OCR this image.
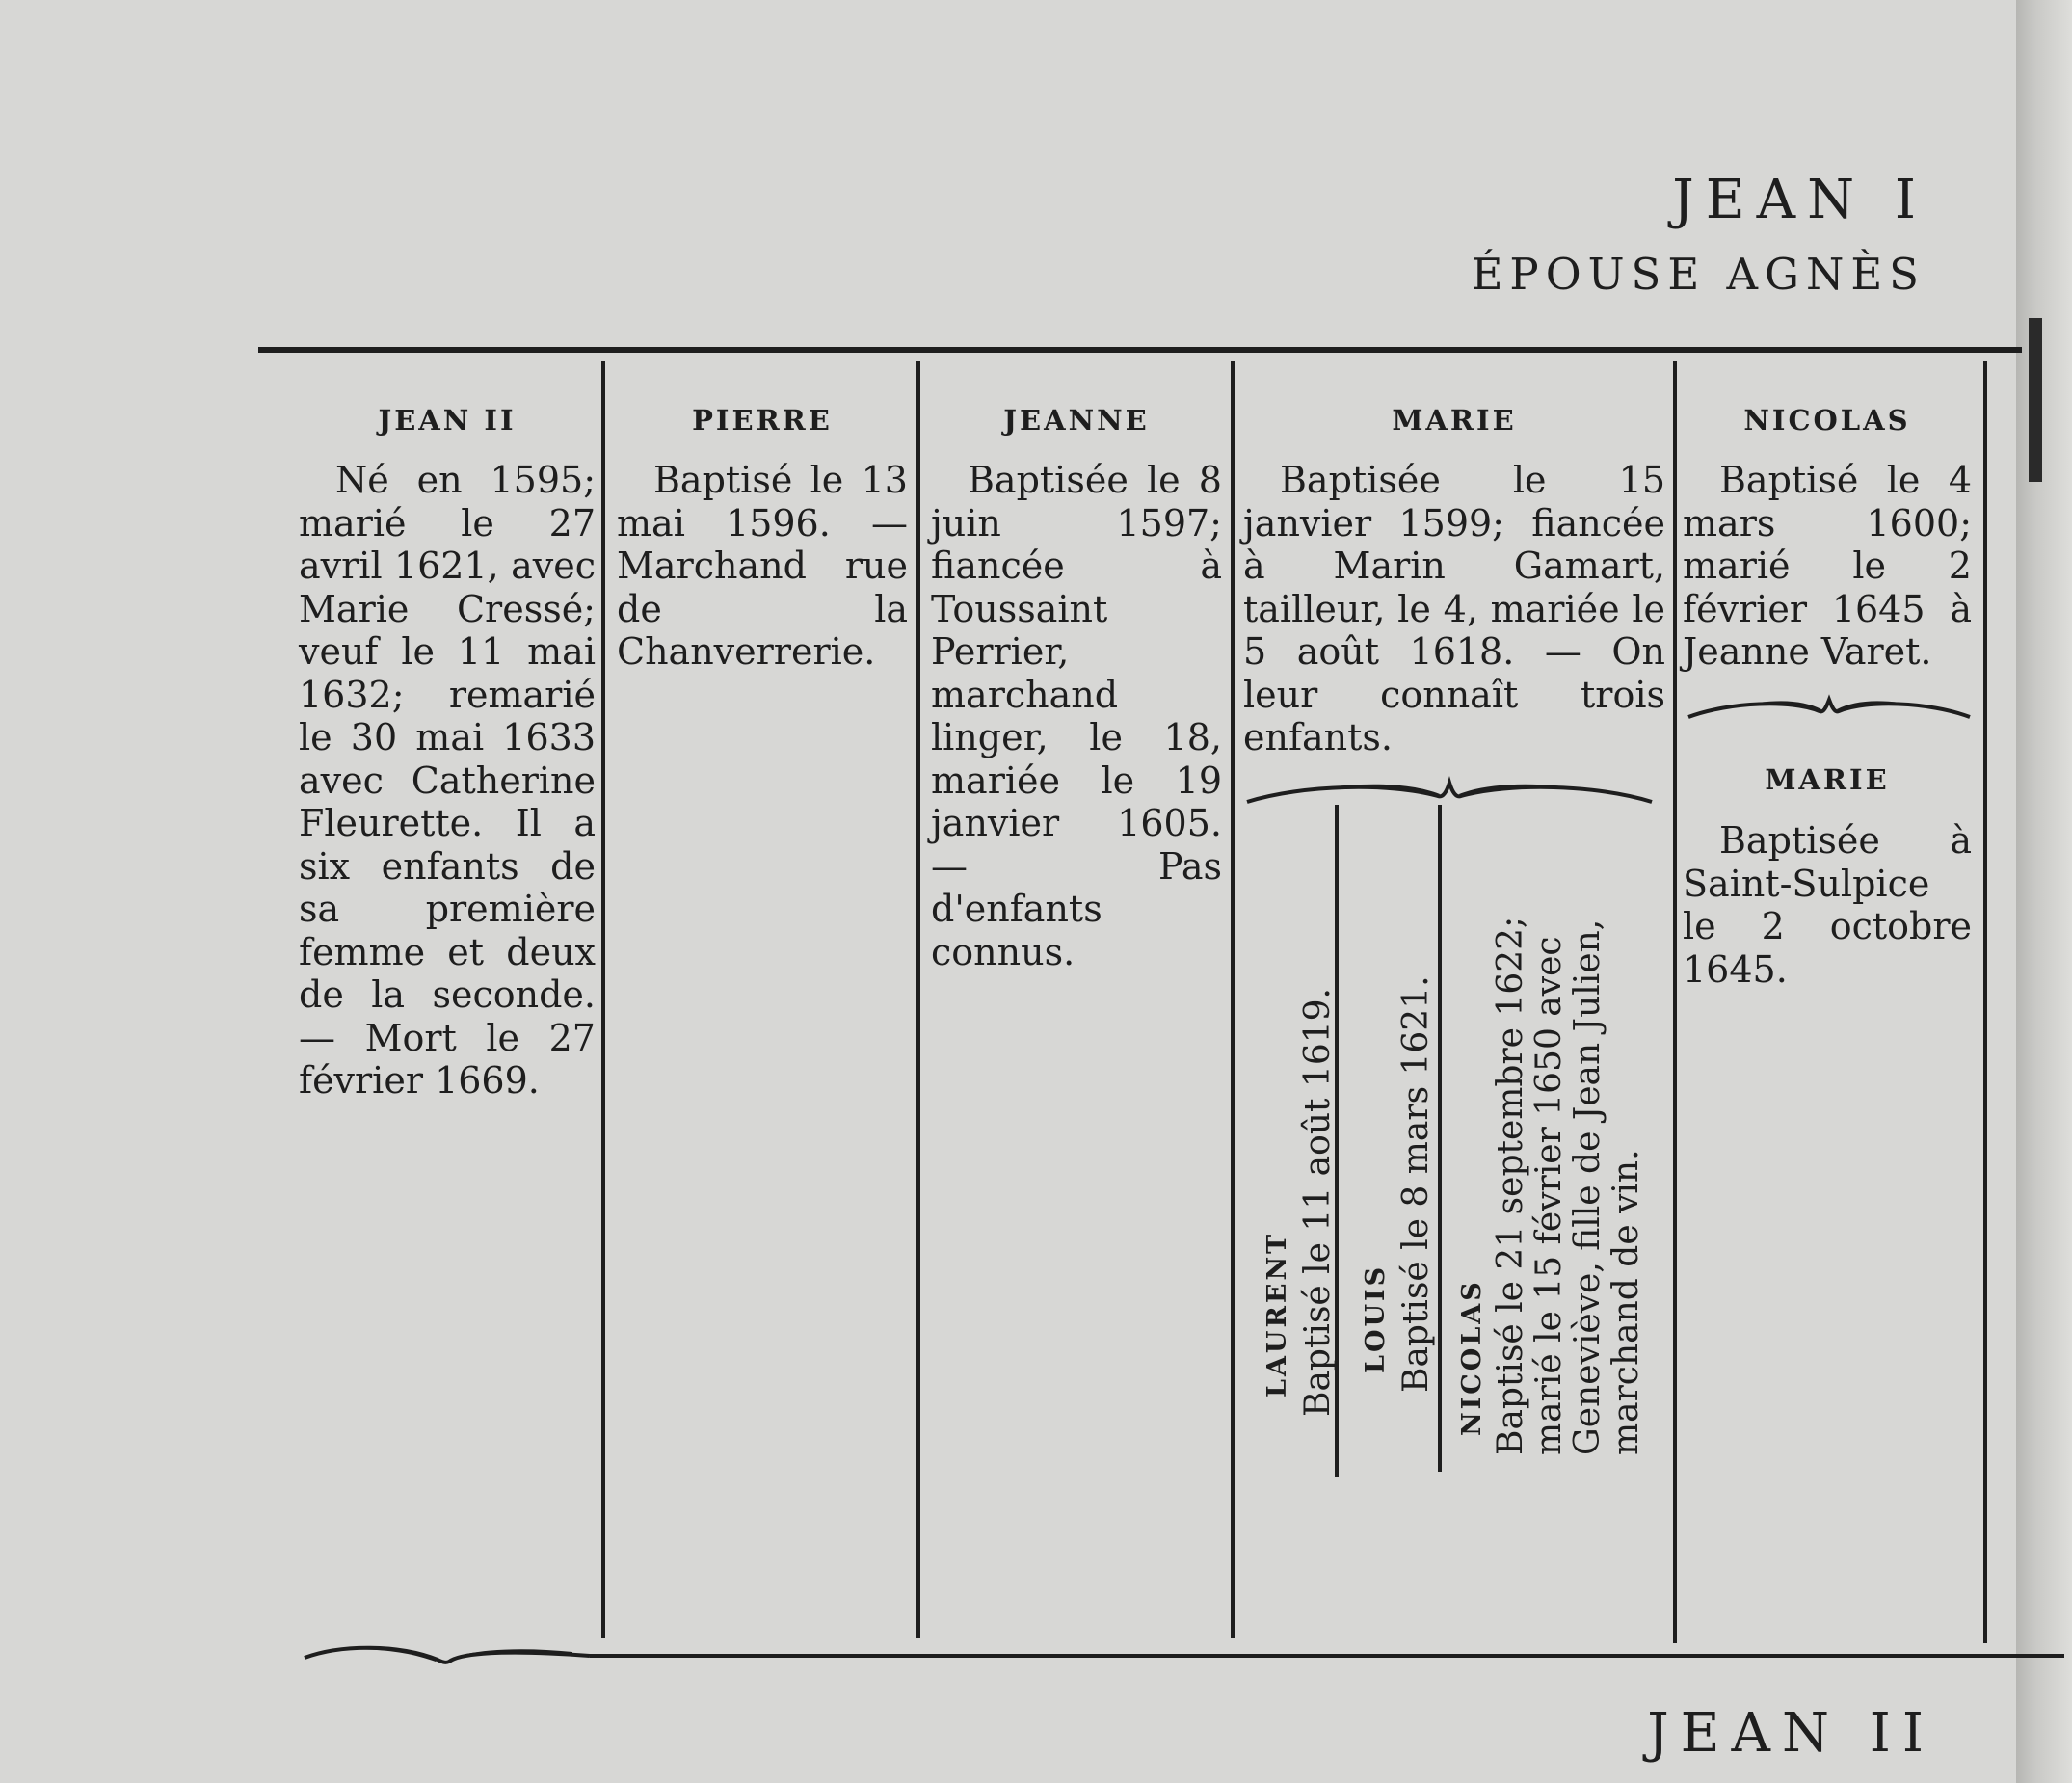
JEAN I
ÉPOUSE AGNÈS
JEAN II
Né en 1595; marié le 27 avril 1621, avec Marie Cressé; veuf le 11 mai 1632; remarié le 30 mai 1633 avec Catherine Fleurette. Il a six enfants de sa première femme et deux de la seconde. — Mort le 27 février 1669.
PIERRE
Baptisé le 13 mai 1596. — Marchand rue de la Chanverrerie.
JEANNE
Baptisée le 8 juin 1597; fiancée à Toussaint Perrier, marchand linger, le 18, mariée le 19 janvier 1605. — Pas d'enfants connus.
MARIE
Baptisée le 15 janvier 1599; fiancée à Marin Gamart, tailleur, le 4, mariée le 5 août 1618. — On leur connaît trois enfants.
LAURENT Baptisé le 11 août 1619. LOUIS Baptisé le 8 mars 1621. NICOLAS Baptisé le 21 septembre 1622; marié le 15 février 1650 avec Geneviève, fille de Jean Julien, marchand de vin.
NICOLAS
Baptisé le 4 mars 1600; marié le 2 février 1645 à Jeanne Varet.
MARIE
Baptisée à Saint-Sulpice le 2 octobre 1645.
JEAN II
